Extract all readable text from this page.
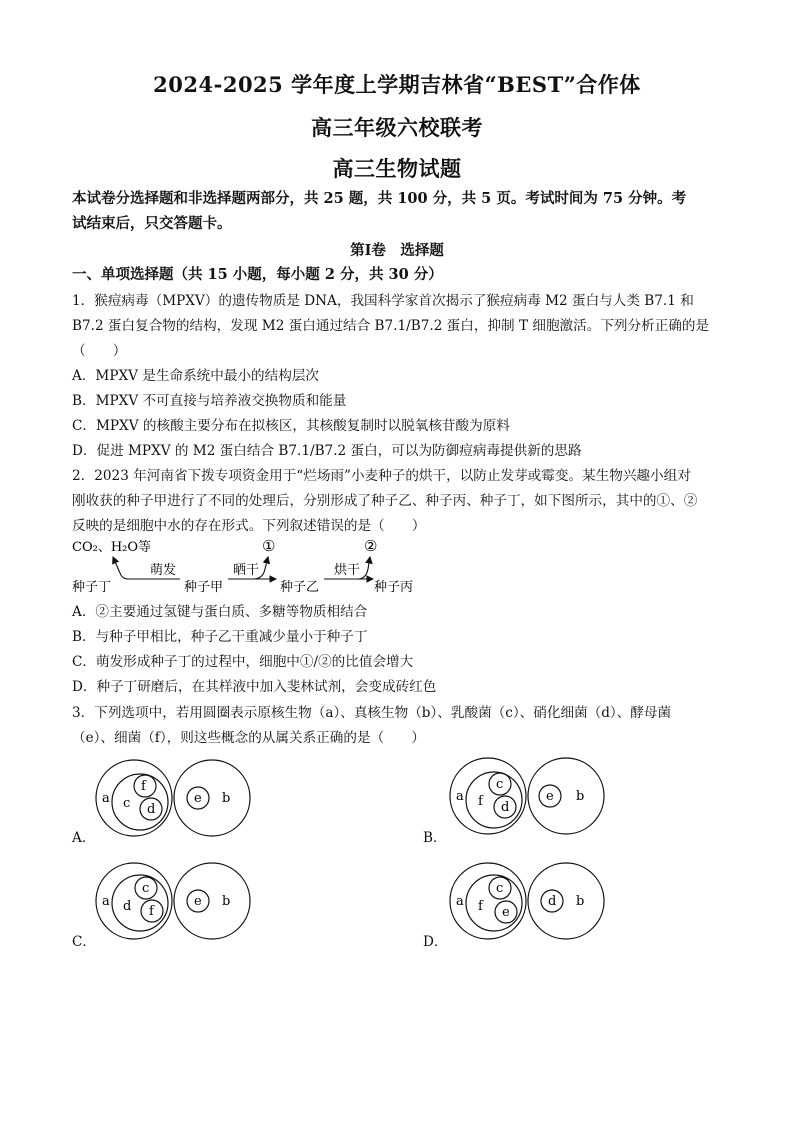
2024-2025 学年度上学期吉林省“BEST”合作体
高三年级六校联考
高三生物试题
本试卷分选择题和非选择题两部分，共 25 题，共 100 分，共 5 页。考试时间为 75 分钟。考
试结束后，只交答题卡。
第Ⅰ卷　选择题
一、单项选择题（共 15 小题，每小题 2 分，共 30 分）
1．猴痘病毒（MPXV）的遗传物质是 DNA，我国科学家首次揭示了猴痘病毒 M2 蛋白与人类 B7.1 和
B7.2 蛋白复合物的结构，发现 M2 蛋白通过结合 B7.1/B7.2 蛋白，抑制 T 细胞激活。下列分析正确的是
（　　）
A．MPXV 是生命系统中最小的结构层次
B．MPXV 不可直接与培养液交换物质和能量
C．MPXV 的核酸主要分布在拟核区，其核酸复制时以脱氧核苷酸为原料
D．促进 MPXV 的 M2 蛋白结合 B7.1/B7.2 蛋白，可以为防御痘病毒提供新的思路
2．2023 年河南省下拨专项资金用于“烂场雨”小麦种子的烘干，以防止发芽或霉变。某生物兴趣小组对
刚收获的种子甲进行了不同的处理后，分别形成了种子乙、种子丙、种子丁，如下图所示，其中的①、②
反映的是细胞中水的存在形式。下列叙述错误的是（　　）
CO₂、H₂O等	①	②
萌发	晒干	烘干
种子丁	种子甲	种子乙	种子丙
A．②主要通过氢键与蛋白质、多糖等物质相结合
B．与种子甲相比，种子乙干重减少量小于种子丁
C．萌发形成种子丁的过程中，细胞中①/②的比值会增大
D．种子丁研磨后，在其样液中加入斐林试剂，会变成砖红色
3．下列选项中，若用圆圈表示原核生物（a）、真核生物（b）、乳酸菌（c）、硝化细菌（d）、酵母菌
（e）、细菌（f），则这些概念的从属关系正确的是（　　）
A．
a c
f
d
e b
B．
a f
c
d
e b
C．
a d
c
f
e b
D．
a f
c
e
d b
